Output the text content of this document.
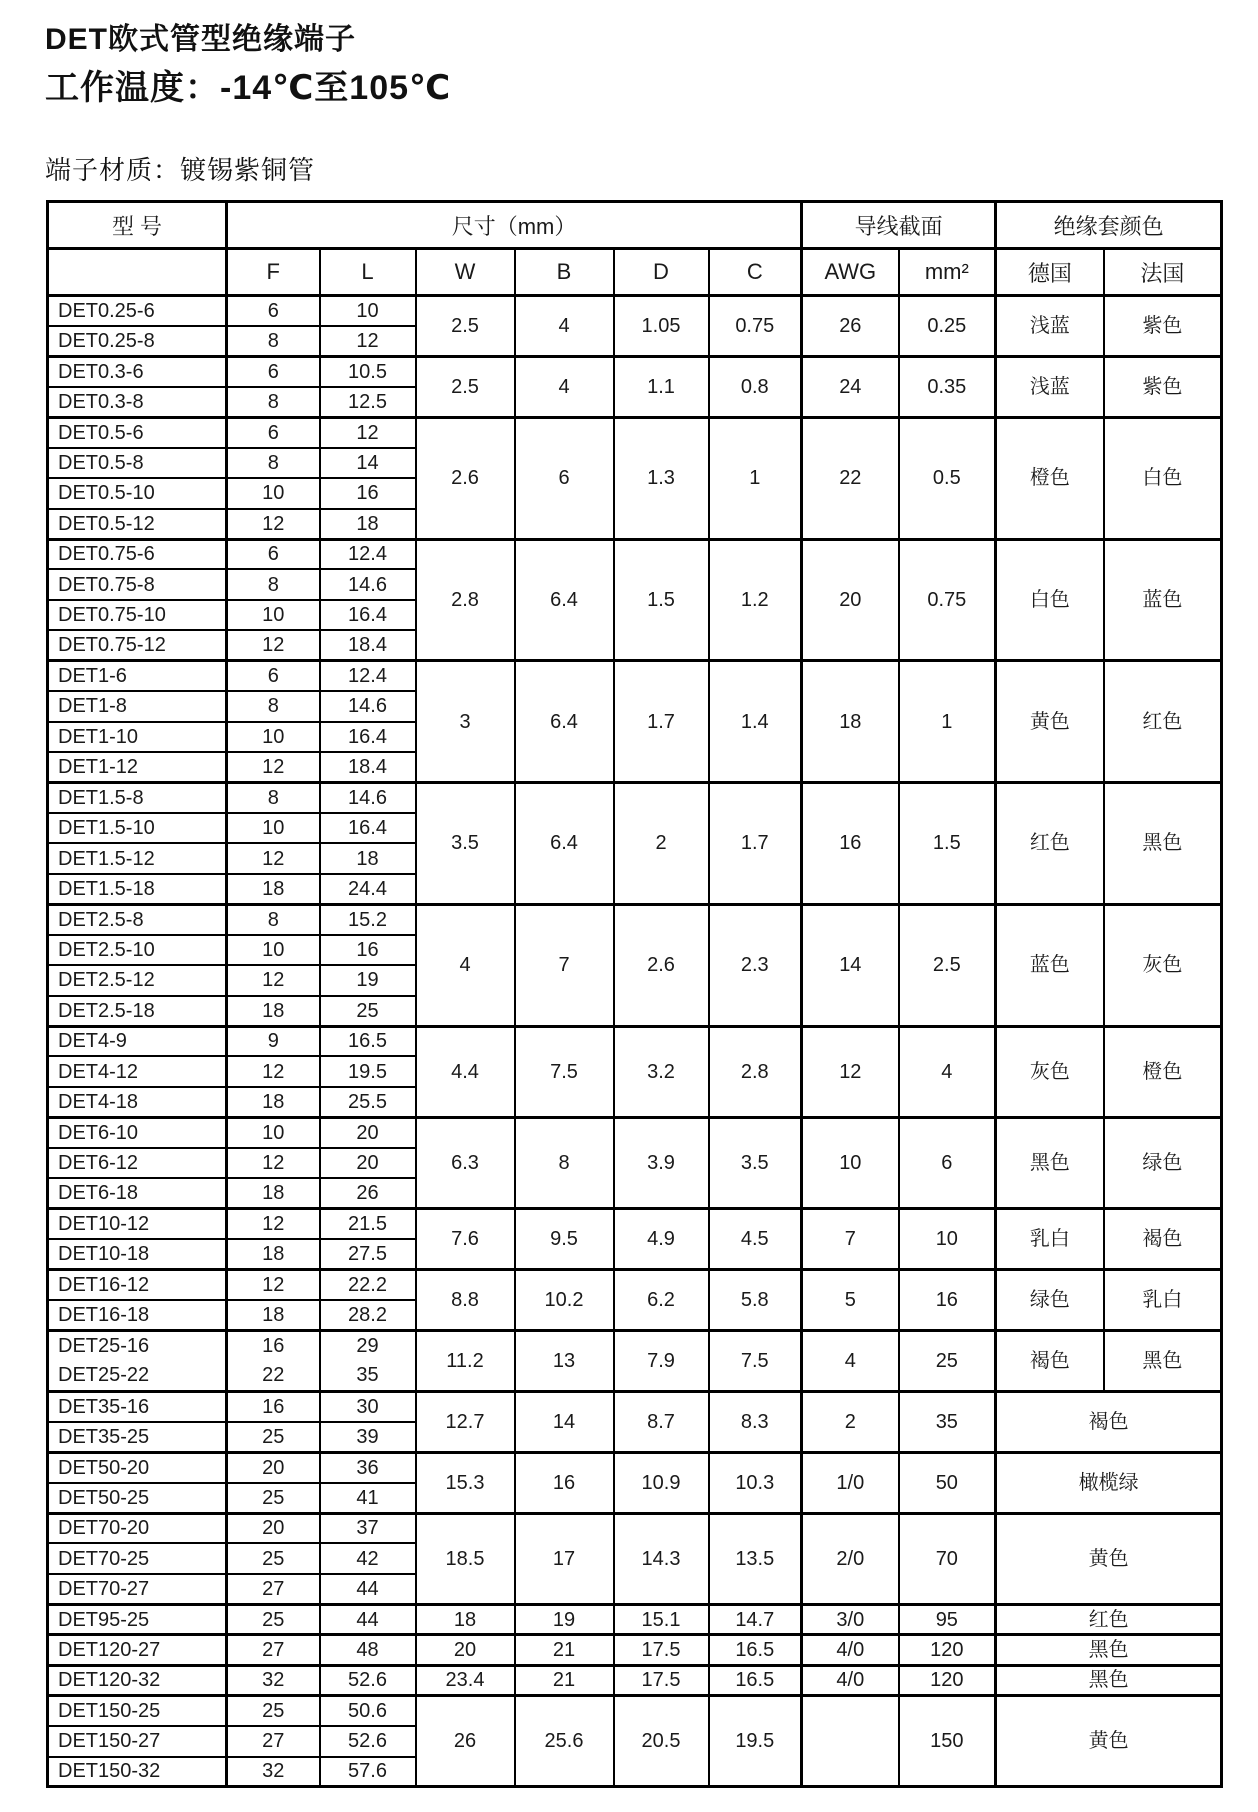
DET欧式管型绝缘端子
工作温度：-14℃至105℃
端子材质：镀锡紫铜管
型 号	尺寸（mm）						导线截面		绝缘套颜色	
	F	L	W	B	D	C	AWG	mm²	德国	法国
DET0.25-6	6	10	2.5	4	1.05	0.75	26	0.25	浅蓝	紫色
DET0.25-8	8	12								
DET0.3-6	6	10.5	2.5	4	1.1	0.8	24	0.35	浅蓝	紫色
DET0.3-8	8	12.5								
DET0.5-6	6	12	2.6	6	1.3	1	22	0.5	橙色	白色
DET0.5-8	8	14								
DET0.5-10	10	16								
DET0.5-12	12	18								
DET0.75-6	6	12.4	2.8	6.4	1.5	1.2	20	0.75	白色	蓝色
DET0.75-8	8	14.6								
DET0.75-10	10	16.4								
DET0.75-12	12	18.4								
DET1-6	6	12.4	3	6.4	1.7	1.4	18	1	黄色	红色
DET1-8	8	14.6								
DET1-10	10	16.4								
DET1-12	12	18.4								
DET1.5-8	8	14.6	3.5	6.4	2	1.7	16	1.5	红色	黑色
DET1.5-10	10	16.4								
DET1.5-12	12	18								
DET1.5-18	18	24.4								
DET2.5-8	8	15.2	4	7	2.6	2.3	14	2.5	蓝色	灰色
DET2.5-10	10	16								
DET2.5-12	12	19								
DET2.5-18	18	25								
DET4-9	9	16.5	4.4	7.5	3.2	2.8	12	4	灰色	橙色
DET4-12	12	19.5								
DET4-18	18	25.5								
DET6-10	10	20	6.3	8	3.9	3.5	10	6	黑色	绿色
DET6-12	12	20								
DET6-18	18	26								
DET10-12	12	21.5	7.6	9.5	4.9	4.5	7	10	乳白	褐色
DET10-18	18	27.5								
DET16-12	12	22.2	8.8	10.2	6.2	5.8	5	16	绿色	乳白
DET16-18	18	28.2								
DET25-16	16	29	11.2	13	7.9	7.5	4	25	褐色	黑色
DET25-22	22	35								
DET35-16	16	30	12.7	14	8.7	8.3	2	35	褐色	
DET35-25	25	39								
DET50-20	20	36	15.3	16	10.9	10.3	1/0	50	橄榄绿	
DET50-25	25	41								
DET70-20	20	37	18.5	17	14.3	13.5	2/0	70	黄色	
DET70-25	25	42								
DET70-27	27	44								
DET95-25	25	44	18	19	15.1	14.7	3/0	95	红色	
DET120-27	27	48	20	21	17.5	16.5	4/0	120	黑色	
DET120-32	32	52.6	23.4	21	17.5	16.5	4/0	120	黑色	
DET150-25	25	50.6	26	25.6	20.5	19.5		150	黄色	
DET150-27	27	52.6								
DET150-32	32	57.6								
